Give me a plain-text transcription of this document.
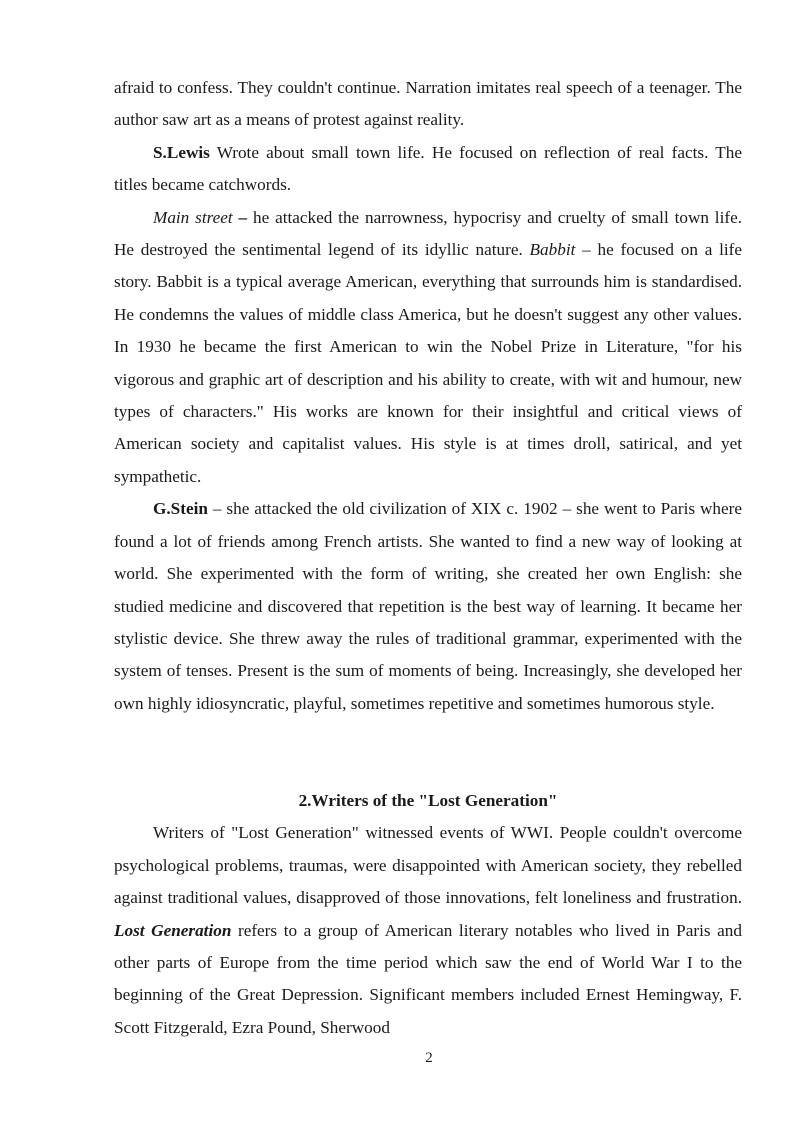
afraid to confess. They couldn't continue. Narration imitates real speech of a teenager. The author saw art as a means of protest against reality.

S.Lewis Wrote about small town life. He focused on reflection of real facts. The titles became catchwords.

Main street – he attacked the narrowness, hypocrisy and cruelty of small town life. He destroyed the sentimental legend of its idyllic nature. Babbit – he focused on a life story. Babbit is a typical average American, everything that surrounds him is standardised. He condemns the values of middle class America, but he doesn't suggest any other values. In 1930 he became the first American to win the Nobel Prize in Literature, "for his vigorous and graphic art of description and his ability to create, with wit and humour, new types of characters." His works are known for their insightful and critical views of American society and capitalist values. His style is at times droll, satirical, and yet sympathetic.

G.Stein – she attacked the old civilization of XIX c. 1902 – she went to Paris where found a lot of friends among French artists. She wanted to find a new way of looking at world. She experimented with the form of writing, she created her own English: she studied medicine and discovered that repetition is the best way of learning. It became her stylistic device. She threw away the rules of traditional grammar, experimented with the system of tenses. Present is the sum of moments of being. Increasingly, she developed her own highly idiosyncratic, playful, sometimes repetitive and sometimes humorous style.

2.Writers of the "Lost Generation"

Writers of "Lost Generation" witnessed events of WWI. People couldn't overcome psychological problems, traumas, were disappointed with American society, they rebelled against traditional values, disapproved of those innovations, felt loneliness and frustration. Lost Generation refers to a group of American literary notables who lived in Paris and other parts of Europe from the time period which saw the end of World War I to the beginning of the Great Depression. Significant members included Ernest Hemingway, F. Scott Fitzgerald, Ezra Pound, Sherwood

2
